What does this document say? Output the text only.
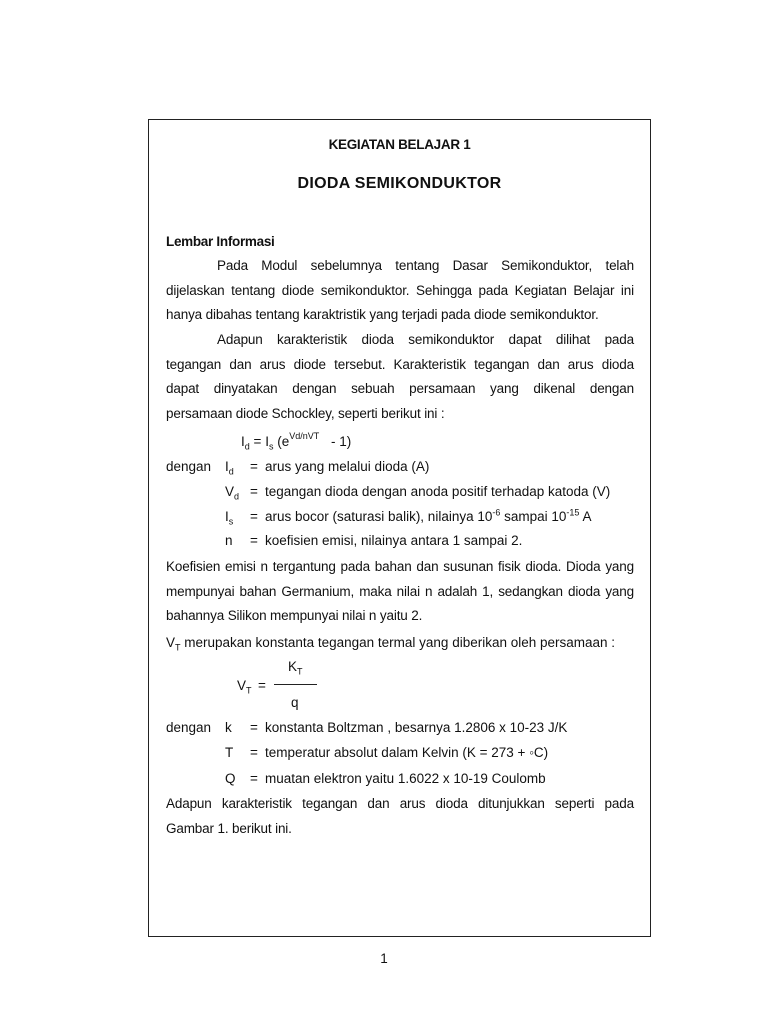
KEGIATAN BELAJAR 1
DIODA SEMIKONDUKTOR
Lembar Informasi
Pada Modul sebelumnya tentang Dasar Semikonduktor, telah
dijelaskan tentang diode semikonduktor. Sehingga pada Kegiatan Belajar ini
hanya dibahas tentang karaktristik yang terjadi pada diode semikonduktor.
Adapun karakteristik dioda semikonduktor dapat dilihat pada
tegangan dan arus diode tersebut. Karakteristik tegangan dan arus dioda
dapat dinyatakan dengan sebuah persamaan yang dikenal dengan
persamaan diode Schockley, seperti berikut ini :
$I_d = I_s$ $(e^{Vd/nVT} - 1)$
dengan $I_d$ = arus yang melalui dioda (A)
$V_d$ = tegangan dioda dengan anoda positif terhadap katoda (V)
$I_s$ = arus bocor (saturasi balik), nilainya $10^{-6}$ sampai $10^{-15}$ A
n = koefisien emisi, nilainya antara 1 sampai 2.
Koefisien emisi n tergantung pada bahan dan susunan fisik dioda. Dioda yang
mempunyai bahan Germanium, maka nilai n adalah 1, sedangkan dioda yang
bahannya Silikon mempunyai nilai n yaitu 2.
$V_T$ merupakan konstanta tegangan termal yang diberikan oleh persamaan :
$K_T$
$V_T$ =
q
dengan k = konstanta Boltzman , besarnya 1.2806 x 10-23 J/K
T = temperatur absolut dalam Kelvin (K = 273 + ◦C)
Q = muatan elektron yaitu 1.6022 x 10-19 Coulomb
Adapun karakteristik tegangan dan arus dioda ditunjukkan seperti pada
Gambar 1. berikut ini.
1
